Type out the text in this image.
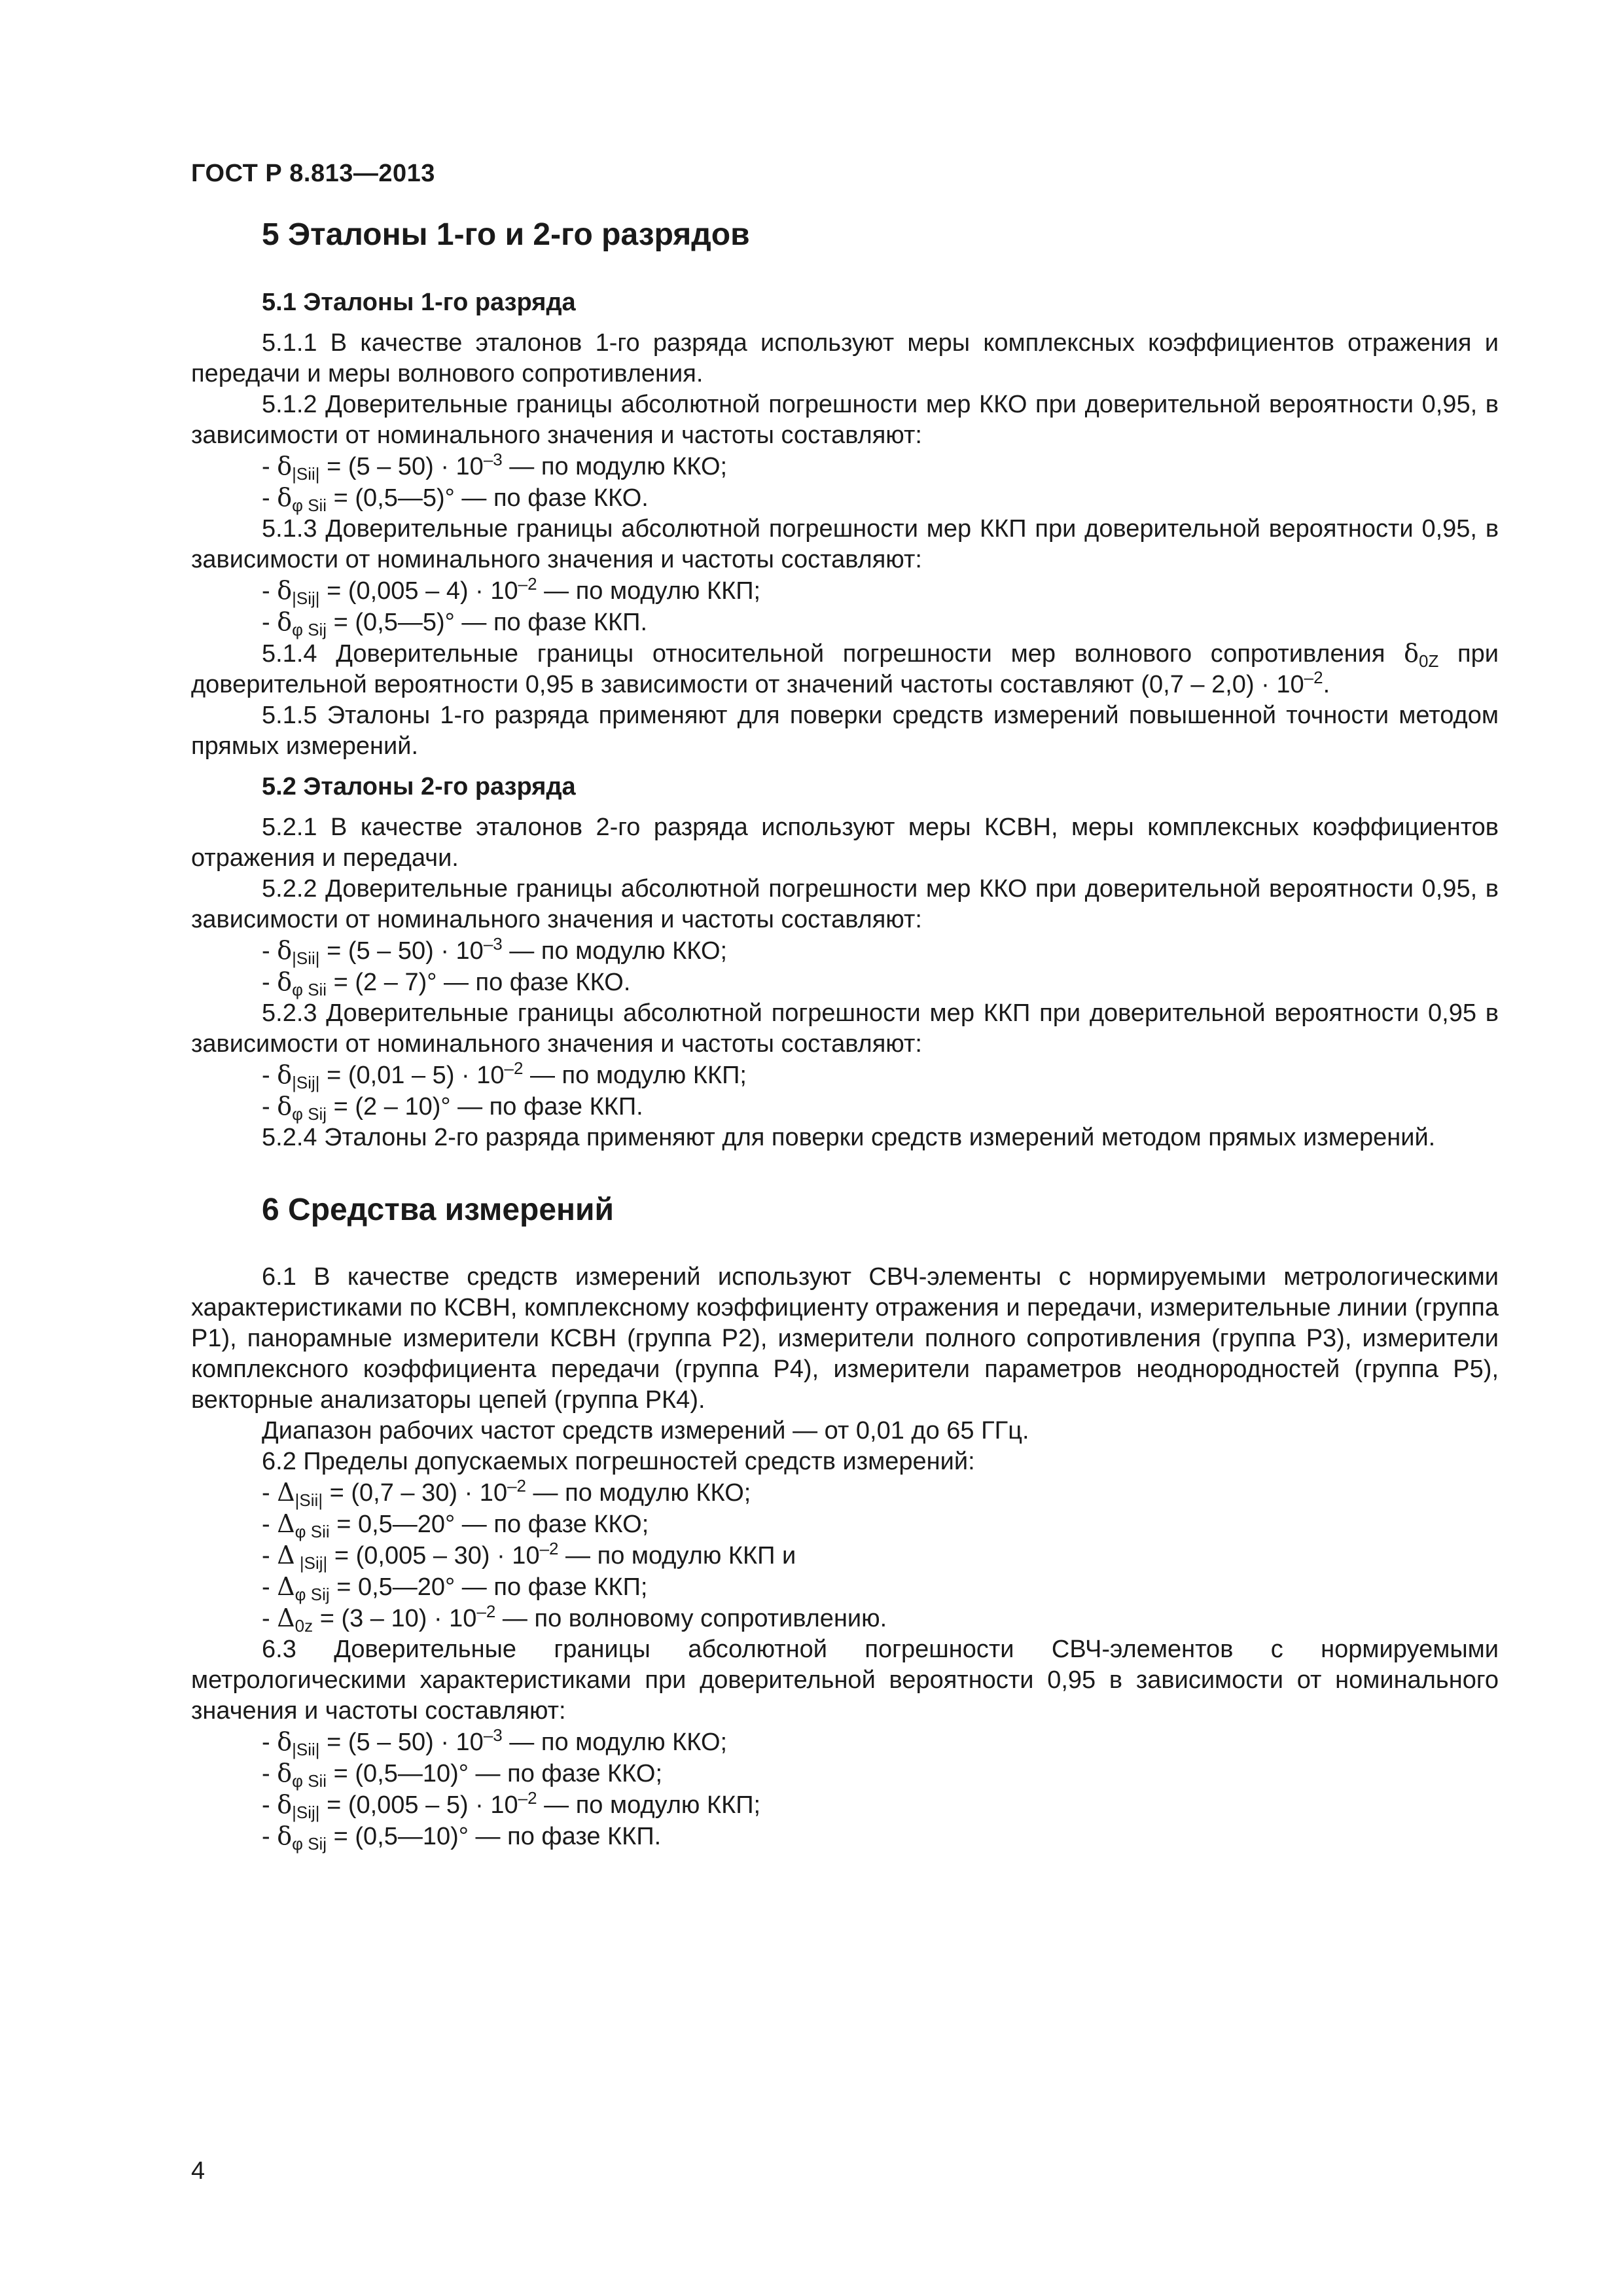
ГОСТ Р 8.813—2013
5 Эталоны 1-го и 2-го разрядов
5.1 Эталоны 1-го разряда

5.1.1 В качестве эталонов 1-го разряда используют меры комплексных коэффициентов отражения и передачи и меры волнового сопротивления.

5.1.2 Доверительные границы абсолютной погрешности мер ККО при доверительной вероятности 0,95, в зависимости от номинального значения и частоты составляют:

- $\delta_{|Sii|} = (5 - 50) \cdot 10^{-3}$ — по модулю ККО;
- $\delta_{\varphi Sii}$ = (0,5—5)° — по фазе ККО.

5.1.3 Доверительные границы абсолютной погрешности мер ККП при доверительной вероятности 0,95, в зависимости от номинального значения и частоты составляют:

- $\delta_{|Sij|} = (0,005 - 4) \cdot 10^{-2}$ — по модулю ККП;
- $\delta_{\varphi Sij}$ = (0,5—5)° — по фазе ККП.

5.1.4 Доверительные границы относительной погрешности мер волнового сопротивления $\delta_{0Z}$ при доверительной вероятности 0,95 в зависимости от значений частоты составляют $(0,7 - 2,0) \cdot 10^{-2}$.

5.1.5 Эталоны 1-го разряда применяют для поверки средств измерений повышенной точности методом прямых измерений.

5.2 Эталоны 2-го разряда

5.2.1 В качестве эталонов 2-го разряда используют меры КСВН, меры комплексных коэффициентов отражения и передачи.

5.2.2 Доверительные границы абсолютной погрешности мер ККО при доверительной вероятности 0,95, в зависимости от номинального значения и частоты составляют:

- $\delta_{|Sii|} = (5 - 50) \cdot 10^{-3}$ — по модулю ККО;
- $\delta_{\varphi Sii} = (2 - 7)^\circ$ — по фазе ККО.

5.2.3 Доверительные границы абсолютной погрешности мер ККП при доверительной вероятности 0,95 в зависимости от номинального значения и частоты составляют:

- $\delta_{|Sij|} = (0,01 - 5) \cdot 10^{-2}$ — по модулю ККП;
- $\delta_{\varphi Sij} = (2 - 10)^\circ$ — по фазе ККП.

5.2.4 Эталоны 2-го разряда применяют для поверки средств измерений методом прямых измерений.

6 Средства измерений

6.1 В качестве средств измерений используют СВЧ-элементы с нормируемыми метрологическими характеристиками по КСВН, комплексному коэффициенту отражения и передачи, измерительные линии (группа Р1), панорамные измерители КСВН (группа Р2), измерители полного сопротивления (группа Р3), измерители комплексного коэффициента передачи (группа Р4), измерители параметров неоднородностей (группа Р5), векторные анализаторы цепей (группа РК4).

Диапазон рабочих частот средств измерений — от 0,01 до 65 ГГц.

6.2 Пределы допускаемых погрешностей средств измерений:

- $\Delta_{|Sii|} = (0,7 - 30) \cdot 10^{-2}$ — по модулю ККО;
- $\Delta_{\varphi Sii}$ = 0,5—20° — по фазе ККО;
- Δ $_{|Sij|} = (0,005 - 30) \cdot 10^{-2}$ — по модулю ККП и
- $\Delta_{\varphi Sij}$ = 0,5—20° — по фазе ККП;
- $\Delta_{0z} = (3 - 10) \cdot 10^{-2}$ — по волновому сопротивлению.

6.3 Доверительные границы абсолютной погрешности СВЧ-элементов с нормируемыми метрологическими характеристиками при доверительной вероятности 0,95 в зависимости от номинального значения и частоты составляют:

- $\delta_{|Sii|} = (5 - 50) \cdot 10^{-3}$ — по модулю ККО;
- $\delta_{\varphi Sii}$ = (0,5—10)° — по фазе ККО;
- $\delta_{|Sij|} = (0,005 - 5) \cdot 10^{-2}$ — по модулю ККП;
- $\delta_{\varphi Sij}$ = (0,5—10)° — по фазе ККП.
4
